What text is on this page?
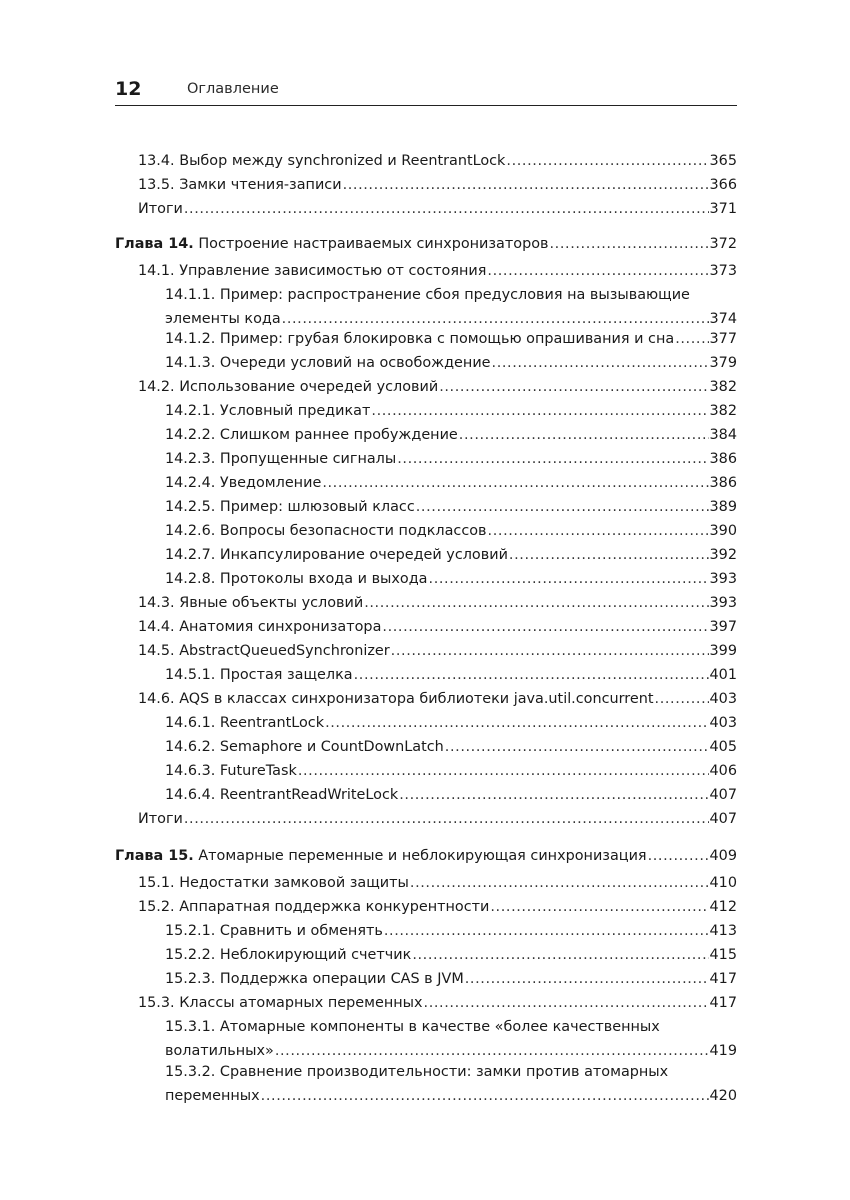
12	Оглавление
13.4. Выбор между synchronized и ReentrantLock .....	365
13.5. Замки чтения-записи .....	366
Итоги .....	371
Глава 14. Построение настраиваемых синхронизаторов .....	372
14.1. Управление зависимостью от состояния .....	373
14.1.1. Пример: распространение сбоя предусловия на вызывающие
элементы кода .....	374
14.1.2. Пример: грубая блокировка с помощью опрашивания и сна ..... 377
14.1.3. Очереди условий на освобождение .....	379
14.2. Использование очередей условий .....	382
14.2.1. Условный предикат .....	382
14.2.2. Слишком раннее пробуждение .....	384
14.2.3. Пропущенные сигналы .....	386
14.2.4. Уведомление .....	386
14.2.5. Пример: шлюзовый класс .....	389
14.2.6. Вопросы безопасности подклассов .....	390
14.2.7. Инкапсулирование очередей условий .....	392
14.2.8. Протоколы входа и выхода .....	393
14.3. Явные объекты условий .....	393
14.4. Анатомия синхронизатора .....	397
14.5. AbstractQueuedSynchronizer .....	399
14.5.1. Простая защелка .....	401
14.6. AQS в классах синхронизатора библиотеки java.util.concurrent .....	403
14.6.1. ReentrantLock .....	403
14.6.2. Semaphore и CountDownLatch .....	405
14.6.3. FutureTask .....	406
14.6.4. ReentrantReadWriteLock .....	407
Итоги .....	407
Глава 15. Атомарные переменные и неблокирующая синхронизация .....	409
15.1. Недостатки замковой защиты .....	410
15.2. Аппаратная поддержка конкурентности .....	412
15.2.1. Сравнить и обменять .....	413
15.2.2. Неблокирующий счетчик .....	415
15.2.3. Поддержка операции CAS в JVM .....	417
15.3. Классы атомарных переменных .....	417
15.3.1. Атомарные компоненты в качестве «более качественных
волатильных» .....	419
15.3.2. Сравнение производительности: замки против атомарных
переменных .....	420
